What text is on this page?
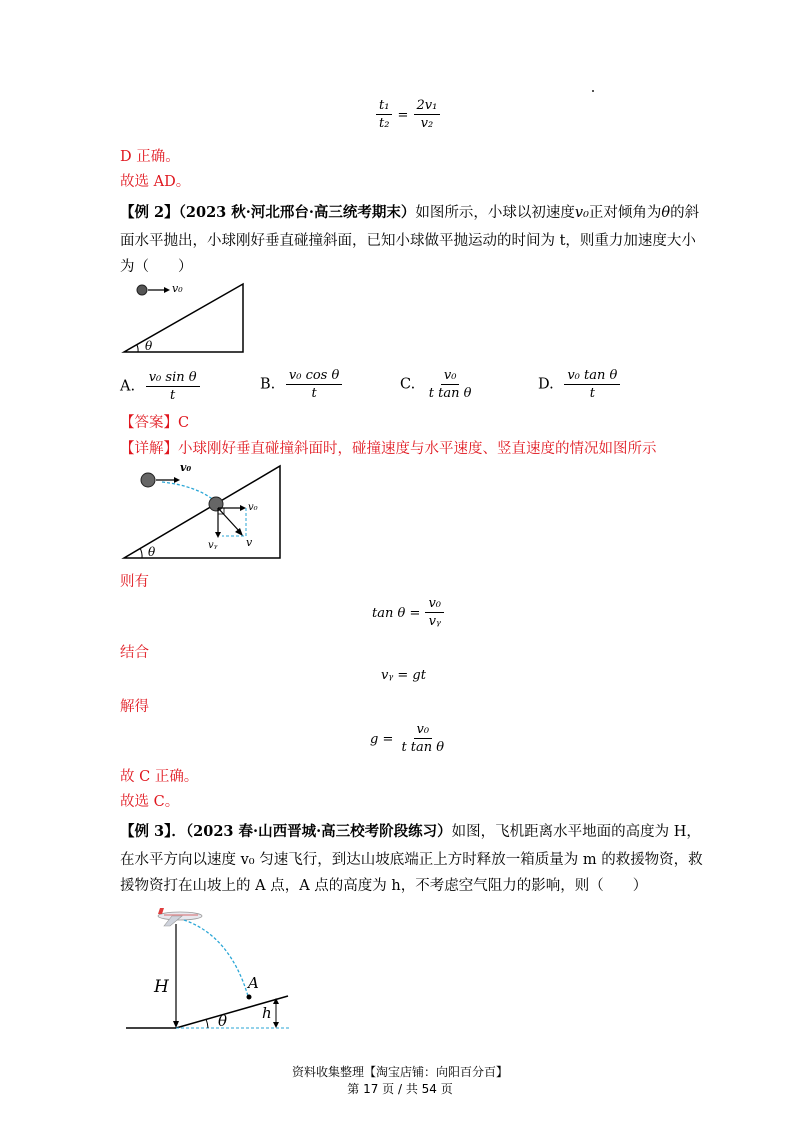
$\frac{\text{t₁}}{\text{t₂}} = \frac{\text{2v₁}}{\text{v₂}}$
D 正确。
故选 AD。
【例 2】（2023 秋·河北邢台·高三统考期末）如图所示，小球以初速度v₀正对倾角为θ的斜
面水平抛出，小球刚好垂直碰撞斜面，已知小球做平抛运动的时间为 t，则重力加速度大小
为（　　）
v₀
θ
A. $\frac{\text{v₀ sin θ}}{t}$	B. $\frac{\text{v₀ cos θ}}{t}$	C. $\frac{\text{v₀}}{\text{t tan θ}}$	D. $\frac{\text{v₀ tan θ}}{t}$
【答案】C
【详解】小球刚好垂直碰撞斜面时，碰撞速度与水平速度、竖直速度的情况如图所示
v₀
v₀
vᵧ	v
θ
则有
$\tan \theta = \frac{\text{v₀}}{\text{vᵧ}}$
结合
vᵧ = gt
解得
$g = \frac{\text{v₀}}{\text{t tan θ}}$
故 C 正确。
故选 C。
【例 3】．（2023 春·山西晋城·高三校考阶段练习）如图，飞机距离水平地面的高度为 H，
在水平方向以速度 v₀ 匀速飞行，到达山坡底端正上方时释放一箱质量为 m 的救援物资，救
援物资打在山坡上的 A 点，A 点的高度为 h，不考虑空气阻力的影响，则（　　）
H	A
θ h
资料收集整理【淘宝店铺：向阳百分百】
第 17 页 / 共 54 页
